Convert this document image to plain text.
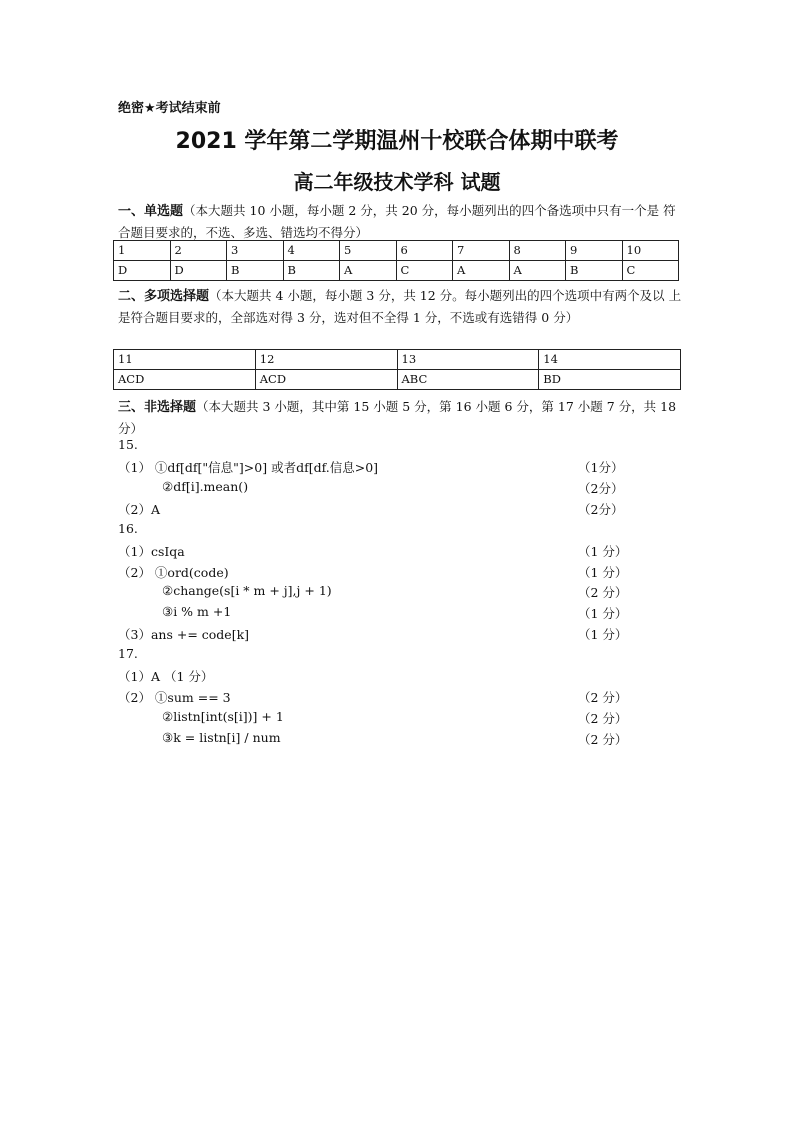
绝密★考试结束前
2021 学年第二学期温州十校联合体期中联考
高二年级技术学科 试题
一、单选题（本大题共 10 小题，每小题 2 分，共 20 分，每小题列出的四个备选项中只有一个是 符合题目要求的，不选、多选、错选均不得分）
1	2	3	4	5	6	7	8	9	10
D	D	B	B	A	C	A	A	B	C
二、多项选择题（本大题共 4 小题，每小题 3 分，共 12 分。每小题列出的四个选项中有两个及以 上是符合题目要求的，全部选对得 3 分，选对但不全得 1 分，不选或有选错得 0 分）
11	12	13	14
ACD	ACD	ABC	BD
三、非选择题（本大题共 3 小题，其中第 15 小题 5 分，第 16 小题 6 分，第 17 小题 7 分，共 18 分）
15.
（1） ①df[df["信息"]>0] 或者df[df.信息>0]	（1分）
②df[i].mean()	（2分）
（2）A	（2分）
16.
（1）csIqa	（1 分）
（2） ①ord(code)	（1 分）
②change(s[i * m + j],j + 1)	（2 分）
③i % m +1	（1 分）
（3）ans += code[k]	（1 分）
17.
（1）A （1 分）
（2） ①sum == 3	（2 分）
②listn[int(s[i])] + 1	（2 分）
③k = listn[i] / num	（2 分）
